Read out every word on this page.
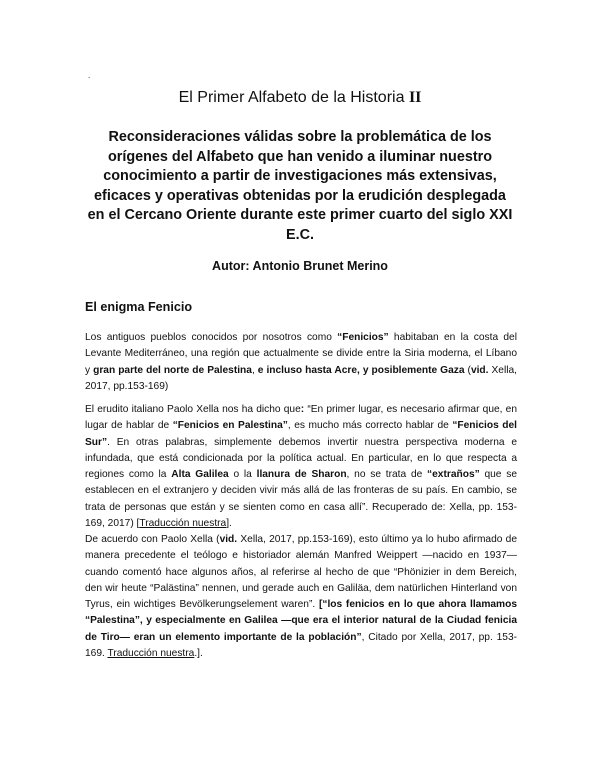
.
El Primer Alfabeto de la Historia II
Reconsideraciones válidas sobre la problemática de los orígenes del Alfabeto que han venido a iluminar nuestro conocimiento a partir de investigaciones más extensivas, eficaces y operativas obtenidas por la erudición desplegada en el Cercano Oriente durante este primer cuarto del siglo XXI E.C.
Autor: Antonio Brunet Merino
El enigma Fenicio

Los antiguos pueblos conocidos por nosotros como “Fenicios” habitaban en la costa del Levante Mediterráneo, una región que actualmente se divide entre la Siria moderna, el Líbano y gran parte del norte de Palestina, e incluso hasta Acre, y posiblemente Gaza (vid. Xella, 2017, pp.153-169)

El erudito italiano Paolo Xella nos ha dicho que: “En primer lugar, es necesario afirmar que, en lugar de hablar de “Fenicios en Palestina”, es mucho más correcto hablar de “Fenicios del Sur”. En otras palabras, simplemente debemos invertir nuestra perspectiva moderna e infundada, que está condicionada por la política actual. En particular, en lo que respecta a regiones como la Alta Galilea o la llanura de Sharon, no se trata de “extraños” que se establecen en el extranjero y deciden vivir más allá de las fronteras de su país. En cambio, se trata de personas que están y se sienten como en casa allí”. Recuperado de: Xella, pp. 153-169, 2017) [Traducción nuestra].

De acuerdo con Paolo Xella (vid. Xella, 2017, pp.153-169), esto último ya lo hubo afirmado de manera precedente el teólogo e historiador alemán Manfred Weippert —nacido en 1937— cuando comentó hace algunos años, al referirse al hecho de que “Phönizier in dem Bereich, den wir heute “Palästina” nennen, und gerade auch en Galiläa, dem natürlichen Hinterland von Tyrus, ein wichtiges Bevölkerungselement waren”. [“los fenicios en lo que ahora llamamos “Palestina”, y especialmente en Galilea —que era el interior natural de la Ciudad fenicia de Tiro— eran un elemento importante de la población”, Citado por Xella, 2017, pp. 153-169. Traducción nuestra.].
